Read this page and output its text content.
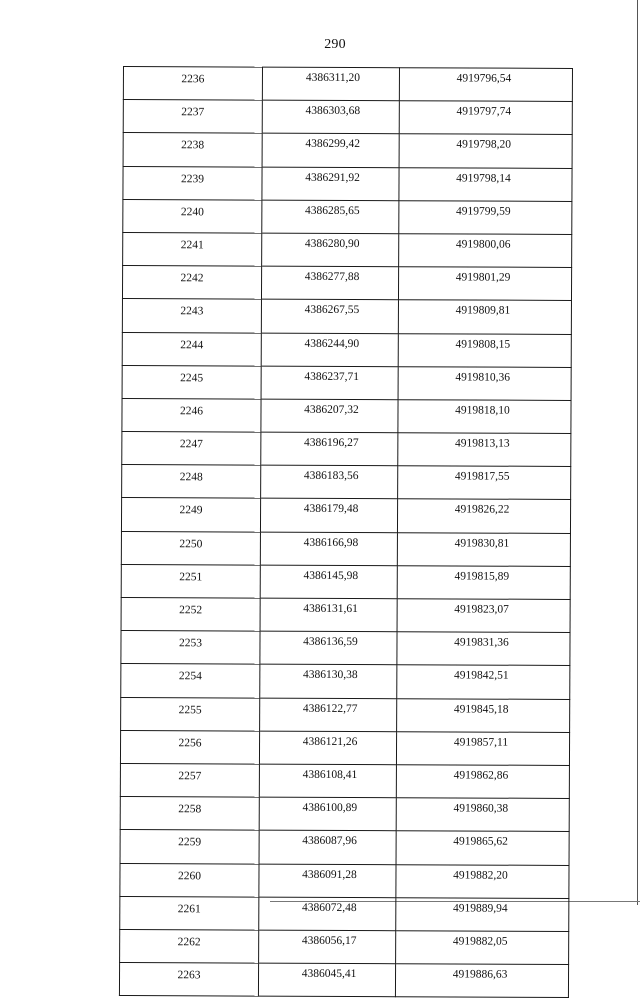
290
2236	4386311,20	4919796,54
2237	4386303,68	4919797,74
2238	4386299,42	4919798,20
2239	4386291,92	4919798,14
2240	4386285,65	4919799,59
2241	4386280,90	4919800,06
2242	4386277,88	4919801,29
2243	4386267,55	4919809,81
2244	4386244,90	4919808,15
2245	4386237,71	4919810,36
2246	4386207,32	4919818,10
2247	4386196,27	4919813,13
2248	4386183,56	4919817,55
2249	4386179,48	4919826,22
2250	4386166,98	4919830,81
2251	4386145,98	4919815,89
2252	4386131,61	4919823,07
2253	4386136,59	4919831,36
2254	4386130,38	4919842,51
2255	4386122,77	4919845,18
2256	4386121,26	4919857,11
2257	4386108,41	4919862,86
2258	4386100,89	4919860,38
2259	4386087,96	4919865,62
2260	4386091,28	4919882,20
2261	4386072,48	4919889,94
2262	4386056,17	4919882,05
2263	4386045,41	4919886,63
